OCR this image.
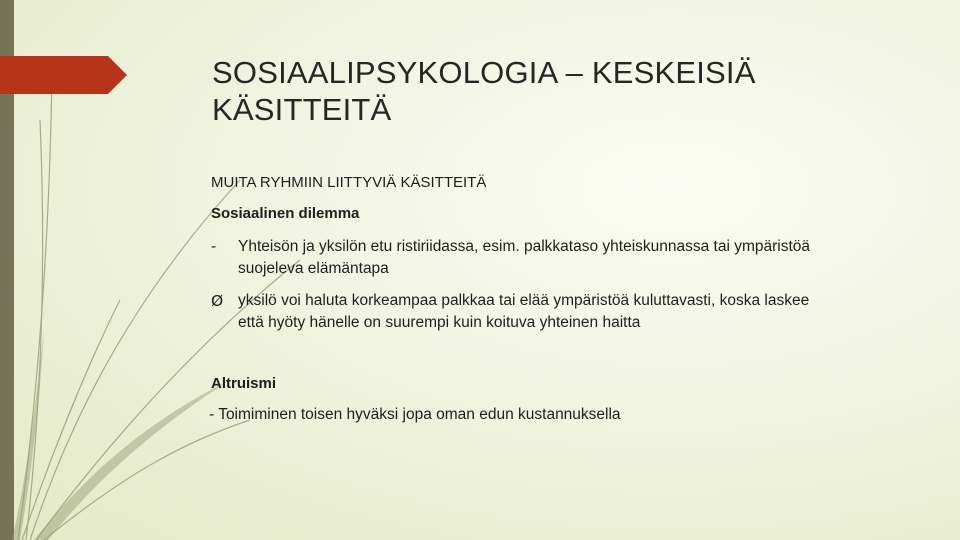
SOSIAALIPSYKOLOGIA – KESKEISIÄ
KÄSITTEITÄ
MUITA RYHMIIN LIITTYVIÄ KÄSITTEITÄ
Sosiaalinen dilemma
-	Yhteisön ja yksilön etu ristiriidassa, esim. palkkataso yhteiskunnassa tai ympäristöä suojeleva elämäntapa
Ø yksilö voi haluta korkeampaa palkkaa tai elää ympäristöä kuluttavasti, koska laskee että hyöty hänelle on suurempi kuin koituva yhteinen haitta
Altruismi
- Toimiminen toisen hyväksi jopa oman edun kustannuksella
